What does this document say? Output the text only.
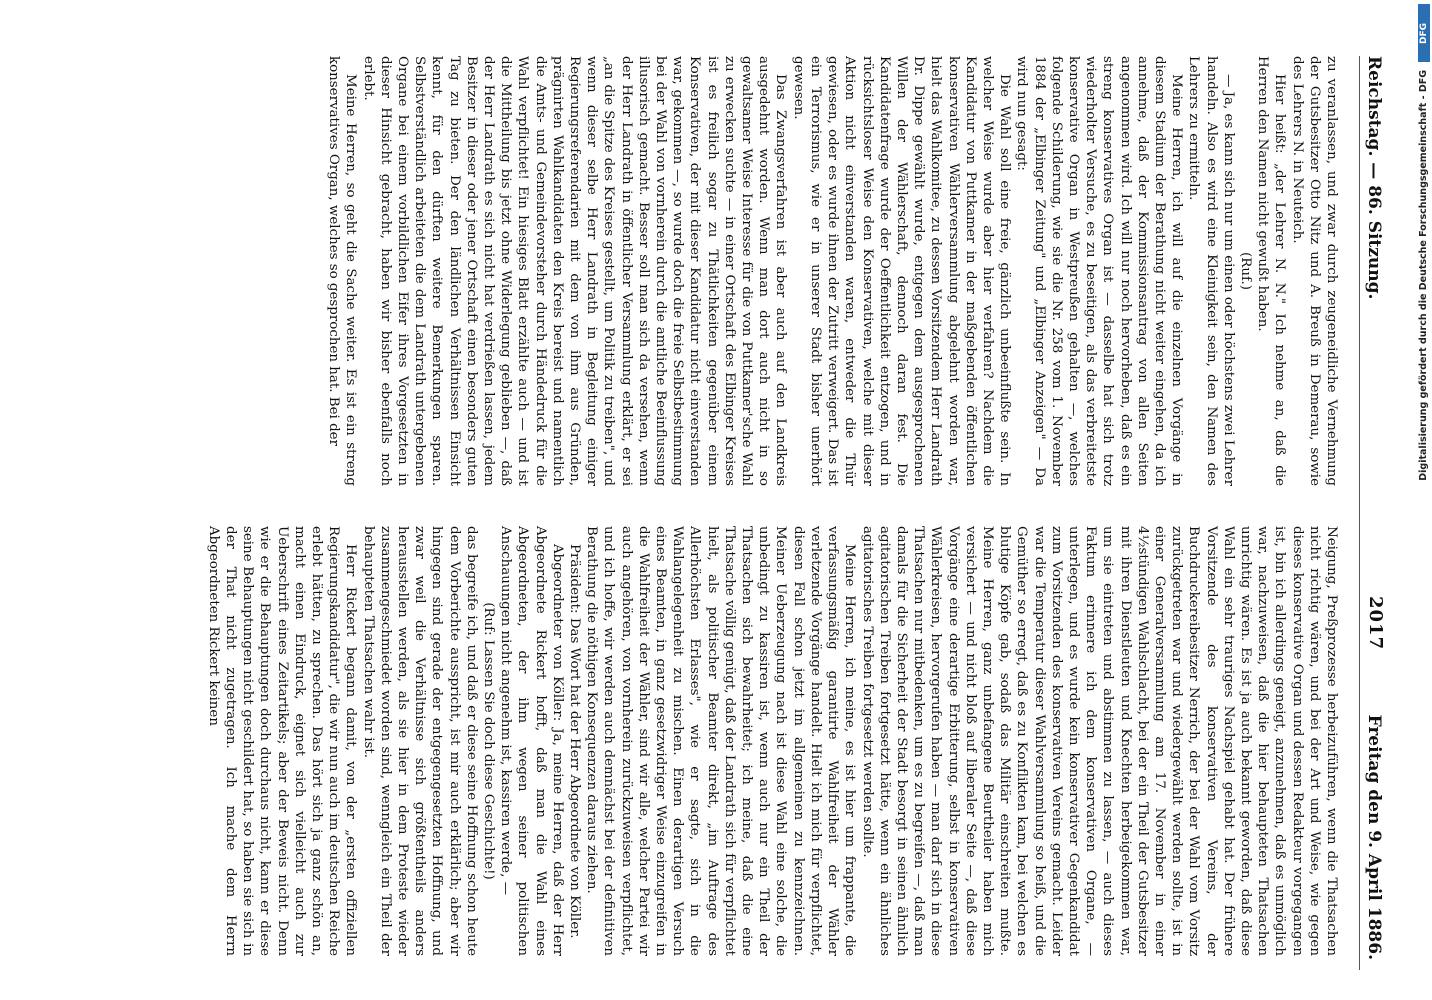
Reichstag. — 86. Sitzung.
2017
Freitag den 9. April 1886.

zu veranlassen, und zwar durch zeugeneidliche Vernehmung der Gutsbesitzer Otto Nitz und A. Breuß in Demerau, sowie des Lehrers N. in Neuteich.

Hier heißt: „der Lehrer N. N." Ich nehme an, daß die Herren den Namen nicht gewußt haben.

(Ruf.)

— Ja, es kann sich nur um einen oder höchstens zwei Lehrer handeln. Also es wird eine Kleinigkeit sein, den Namen des Lehrers zu ermitteln.

Meine Herren, ich will auf die einzelnen Vorgänge in diesem Stadium der Berathung nicht weiter eingehen, da ich annehme, daß der Kommissionsantrag von allen Seiten angenommen wird. Ich will nur noch hervorheben, daß es ein streng konservatives Organ ist — dasselbe hat sich trotz wiederholter Versuche, es zu beseitigen, als das verbreitetste konservative Organ in Westpreußen gehalten —, welches folgende Schilderung, wie sie die Nr. 258 vom 1. November 1884 der „Elbinger Zeitung" und „Elbinger Anzeigen" — Da wird nun gesagt:

Die Wahl soll eine freie, gänzlich unbeeinflußte sein. In welcher Weise wurde aber hier verfahren? Nachdem die Kandidatur von Puttkamer in der maßgebenden öffentlichen konservativen Wählerversammlung abgelehnt worden war, hielt das Wahlkomitee, zu dessen Vorsitzendem Herr Landrath Dr. Dippe gewählt wurde, entgegen dem ausgesprochenen Willen der Wählerschaft, dennoch daran fest. Die Kandidatenfrage wurde der Oeffentlichkeit entzogen, und in rücksichtsloser Weise den Konservativen, welche mit dieser Aktion nicht einverstanden waren, entweder die Thür gewiesen, oder es wurde ihnen der Zutritt verweigert. Das ist ein Terrorismus, wie er in unserer Stadt bisher unerhört gewesen.

Das Zwangsverfahren ist aber auch auf den Landkreis ausgedehnt worden. Wenn man dort auch nicht in so gewaltsamer Weise Interesse für die von Puttkamer'sche Wahl zu erwecken suchte — in einer Ortschaft des Elbinger Kreises ist es freilich sogar zu Thätlichkeiten gegenüber einem Konservativen, der mit dieser Kandidatur nicht einverstanden war, gekommen —, so wurde doch die freie Selbstbestimmung bei der Wahl von vornherein durch die amtliche Beeinflussung illusorisch gemacht. Besser soll man sich da versehen, wenn der Herr Landrath in öffentlicher Versammlung erklärt, er sei „an die Spitze des Kreises gestellt, um Politik zu treiben", und wenn dieser selbe Herr Landrath in Begleitung einiger Regierungsreferendarien mit dem von ihm aus Gründen, prägnirten Wahlkandidaten den Kreis bereist und namentlich die Amts- und Gemeindevorsteher durch Händedruck für die Wahl verpflichtet! Ein hiesiges Blatt erzählte auch — und ist die Mittheilung bis jetzt ohne Widerlegung geblieben —, daß der Herr Landrath es sich nicht hat verdrießen lassen, jedem Besitzer in dieser oder jener Ortschaft einen besonders guten Tag zu bieten. Der den ländlichen Verhältnissen Einsicht kennt, für den dürften weitere Bemerkungen sparen. Selbstverständlich arbeiteten die dem Landrath untergebenen Organe bei einem vorbildlichen Eifer ihres Vorgesetzten in dieser Hinsicht gebracht, haben wir bisher ebenfalls noch erlebt.

Meine Herren, so geht die Sache weiter. Es ist ein streng konservatives Organ, welches so gesprochen hat. Bei der

Neigung, Preßprozesse herbeizuführen, wenn die Thatsachen nicht richtig wären, und bei der Art und Weise, wie gegen dieses konservative Organ und dessen Redakteur vorgegangen ist, bin ich allerdings geneigt, anzunehmen, daß es unmöglich war, nachzuweisen, daß die hier behaupteten Thatsachen unrichtig wären. Es ist ja auch bekannt geworden, daß diese Wahl ein sehr trauriges Nachspiel gehabt hat. Der frühere Vorsitzende des konservativen Vereins, der Buchdruckereibesitzer Nerrich, der bei der Wahl vom Vorsitz zurückgetreten war und wiedergewählt werden sollte, ist in einer Generalversammlung am 17. November in einer 4½stündigen Wahlschlacht, bei der ein Theil der Gutsbesitzer mit ihren Dienstleuten und Knechten herbeigekommen war, um sie eintreten und abstimmen zu lassen, — auch dieses Faktum erinnere ich dem konservativen Organe, — unterlegen, und es wurde kein konservativer Gegenkandidat zum Vorsitzenden des konservativen Vereins gemacht. Leider war die Temperatur dieser Wahlversammlung so heiß, und die Gemüther so erregt, daß es zu Konflikten kam, bei welchen es blutige Köpfe gab, sodaß das Militär einschreiten mußte. Meine Herren, ganz unbefangene Beurtheiler haben mich versichert — und nicht bloß auf liberaler Seite —, daß diese Vorgänge eine derartige Erbitterung, selbst in konservativen Wählerkreisen, hervorgerufen haben — man darf sich in diese Thatsachen nur mitbedenken, um es zu begreifen —, daß man damals für die Sicherheit der Stadt besorgt in seinen ähnlich agitatorischen Treiben fortgesetzt hätte, wenn ein ähnliches agitatorisches Treiben fortgesetzt werden sollte.

Meine Herren, ich meine, es ist hier um frappante, die verfassungsmäßig garantirte Wahlfreiheit der Wähler verletzende Vorgänge handelt. Hielt ich mich für verpflichtet, diesen Fall schon jetzt im allgemeinen zu kennzeichnen. Meiner Ueberzeugung nach ist diese Wahl eine solche, die unbedingt zu kassiren ist, wenn auch nur ein Theil der Thatsachen sich bewahrheitet; ich meine, daß die eine Thatsache völlig genügt, daß der Landrath sich für verpflichtet hielt, als politischer Beamter direkt, „im Auftrage des Allerhöchsten Erlasses", wie er sagte, sich in die Wahlangelegenheit zu mischen. Einen derartigen Versuch eines Beamten, in ganz gesetzwidriger Weise einzugreifen in die Wahlfreiheit der Wähler, sind wir alle, welcher Partei wir auch angehören, von vornherein zurückzuweisen verpflichtet, und ich hoffe, wir werden auch demnächst bei der definitiven Berathung die nöthigen Konsequenzen daraus ziehen.

Präsident: Das Wort hat der Herr Abgeordnete von Köller.

Abgeordneter von Köller: Ja, meine Herren, daß der Herr Abgeordnete Rickert hofft, daß man die Wahl eines Abgeordneten, der ihm wegen seiner politischen Anschauungen nicht angenehm ist, kassiren werde, —

(Ruf: Lassen Sie doch diese Geschichte!)

das begreife ich, und daß er diese seine Hoffnung schon heute dem Vorberichte ausspricht, ist mir auch erklärlich; aber wir hingegen sind gerade der entgegengesetzten Hoffnung, und zwar weil die Verhältnisse sich größtentheils anders herausstellen werden, als sie hier in dem Proteste wieder zusammengeschmiedet worden sind, wenngleich ein Theil der behaupteten Thatsachen wahr ist.

Herr Rickert begann damit, von der „ersten offiziellen Regierungskandidatur", die wir nun auch im deutschen Reiche erlebt hätten, zu sprechen. Das hört sich ja ganz schön an, macht einen Eindruck, eignet sich vielleicht auch zur Ueberschrift eines Zeitartikels; aber der Beweis nicht. Denn wie er die Behauptungen doch durchaus nicht, kann er diese seine Behauptungen nicht geschildert hat, so haben sie sich in der That nicht zugetragen. Ich mache dem Herrn Abgeordneten Rickert keinen

DFG
Digitalisierung gefördert durch die Deutsche Forschungsgemeinschaft - DFG
